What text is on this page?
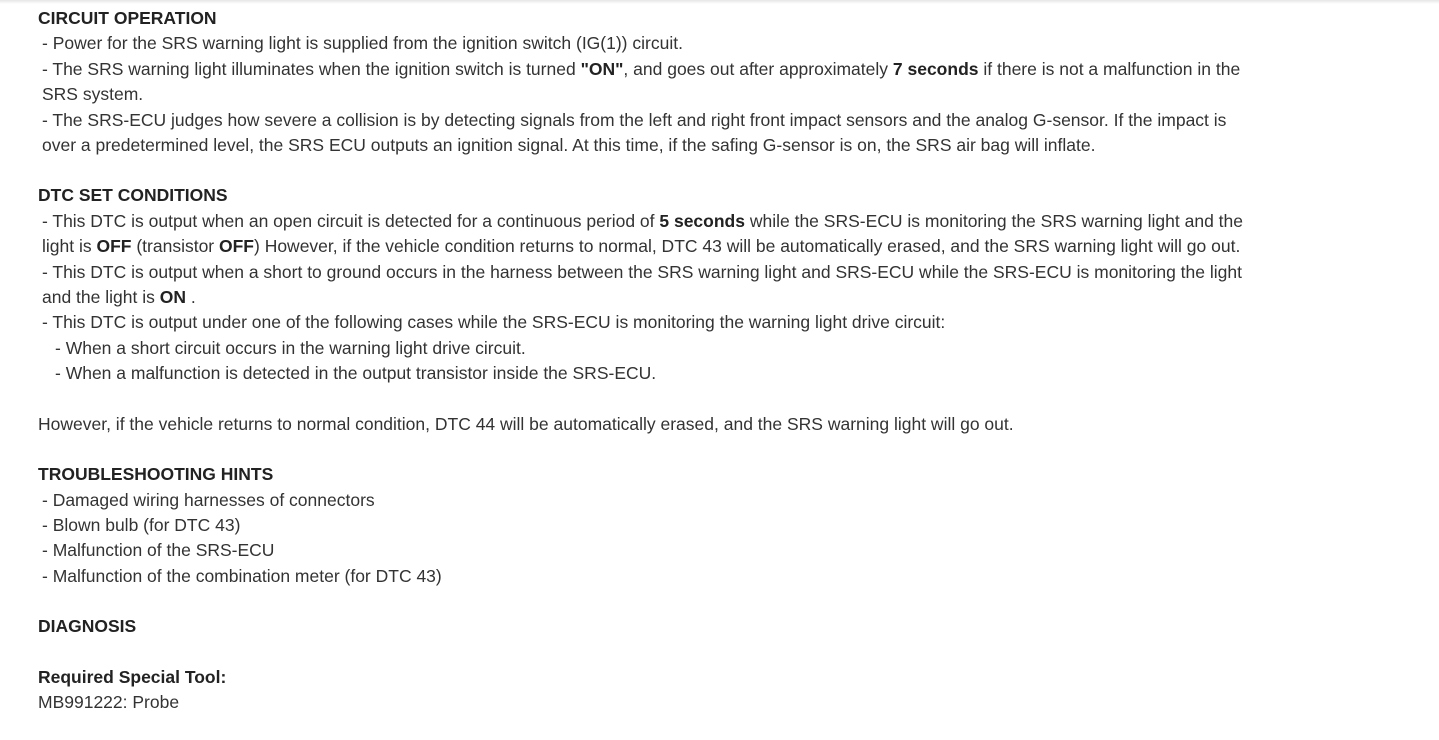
CIRCUIT OPERATION
- Power for the SRS warning light is supplied from the ignition switch (IG(1)) circuit.
- The SRS warning light illuminates when the ignition switch is turned "ON", and goes out after approximately 7 seconds if there is not a malfunction in the SRS system.
- The SRS-ECU judges how severe a collision is by detecting signals from the left and right front impact sensors and the analog G-sensor. If the impact is over a predetermined level, the SRS ECU outputs an ignition signal. At this time, if the safing G-sensor is on, the SRS air bag will inflate.
DTC SET CONDITIONS
- This DTC is output when an open circuit is detected for a continuous period of 5 seconds while the SRS-ECU is monitoring the SRS warning light and the light is OFF (transistor OFF) However, if the vehicle condition returns to normal, DTC 43 will be automatically erased, and the SRS warning light will go out.
- This DTC is output when a short to ground occurs in the harness between the SRS warning light and SRS-ECU while the SRS-ECU is monitoring the light and the light is ON .
- This DTC is output under one of the following cases while the SRS-ECU is monitoring the warning light drive circuit:
- When a short circuit occurs in the warning light drive circuit.
- When a malfunction is detected in the output transistor inside the SRS-ECU.
However, if the vehicle returns to normal condition, DTC 44 will be automatically erased, and the SRS warning light will go out.
TROUBLESHOOTING HINTS
- Damaged wiring harnesses of connectors
- Blown bulb (for DTC 43)
- Malfunction of the SRS-ECU
- Malfunction of the combination meter (for DTC 43)
DIAGNOSIS
Required Special Tool:
MB991222: Probe
